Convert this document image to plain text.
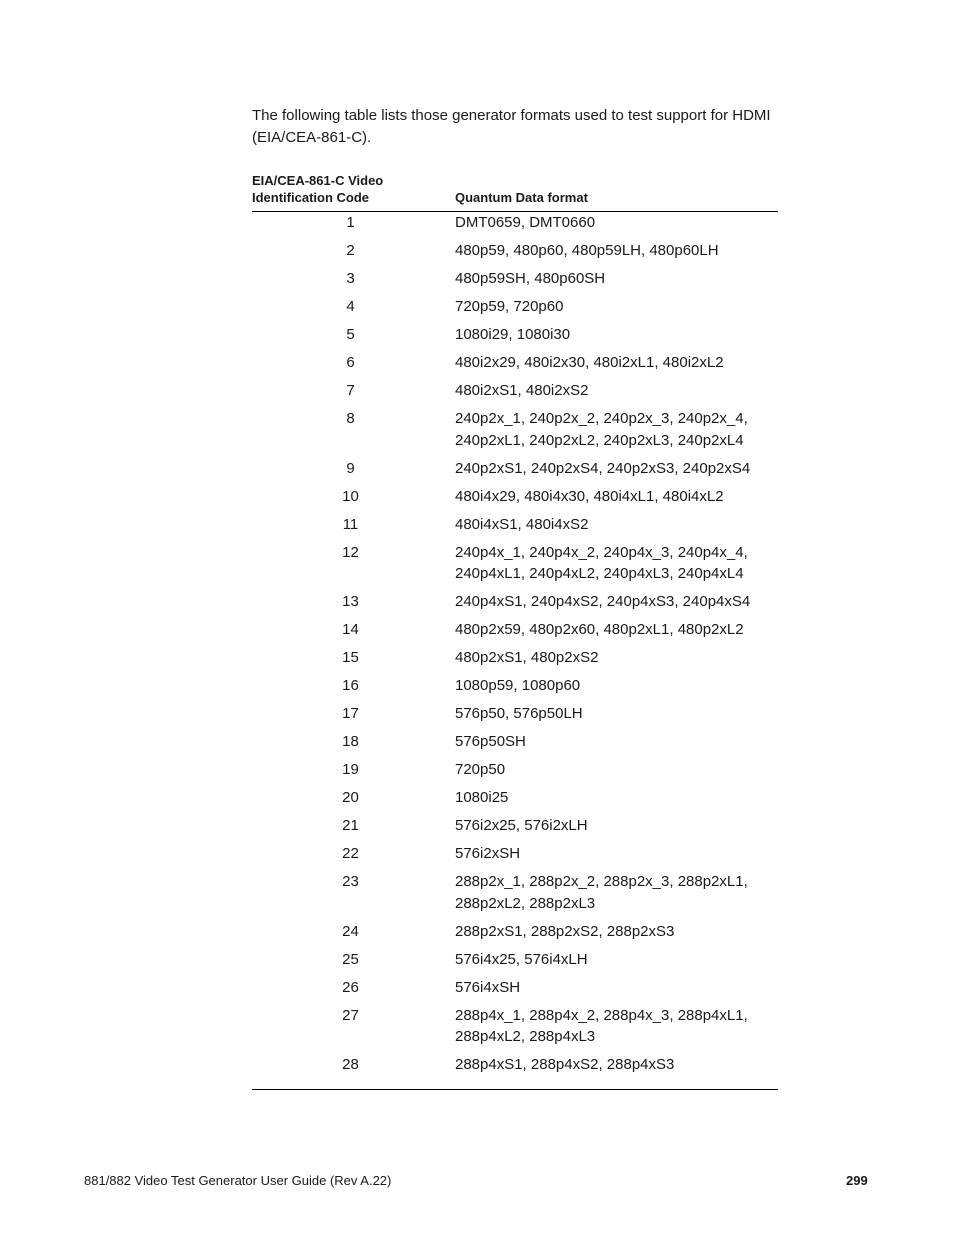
The following table lists those generator formats used to test support for HDMI (EIA/CEA-861-C).

EIA/CEA-861-C Video
Identification Code	Quantum Data format
1	DMT0659, DMT0660
2	480p59, 480p60, 480p59LH, 480p60LH
3	480p59SH, 480p60SH
4	720p59, 720p60
5	1080i29, 1080i30
6	480i2x29, 480i2x30, 480i2xL1, 480i2xL2
7	480i2xS1, 480i2xS2
8	240p2x_1, 240p2x_2, 240p2x_3, 240p2x_4,
240p2xL1, 240p2xL2, 240p2xL3, 240p2xL4
9	240p2xS1, 240p2xS4, 240p2xS3, 240p2xS4
10	480i4x29, 480i4x30, 480i4xL1, 480i4xL2
11	480i4xS1, 480i4xS2
12	240p4x_1, 240p4x_2, 240p4x_3, 240p4x_4,
240p4xL1, 240p4xL2, 240p4xL3, 240p4xL4
13	240p4xS1, 240p4xS2, 240p4xS3, 240p4xS4
14	480p2x59, 480p2x60, 480p2xL1, 480p2xL2
15	480p2xS1, 480p2xS2
16	1080p59, 1080p60
17	576p50, 576p50LH
18	576p50SH
19	720p50
20	1080i25
21	576i2x25, 576i2xLH
22	576i2xSH
23	288p2x_1, 288p2x_2, 288p2x_3, 288p2xL1,
288p2xL2, 288p2xL3
24	288p2xS1, 288p2xS2, 288p2xS3
25	576i4x25, 576i4xLH
26	576i4xSH
27	288p4x_1, 288p4x_2, 288p4x_3, 288p4xL1,
288p4xL2, 288p4xL3
28	288p4xS1, 288p4xS2, 288p4xS3
881/882 Video Test Generator User Guide (Rev A.22)	299
